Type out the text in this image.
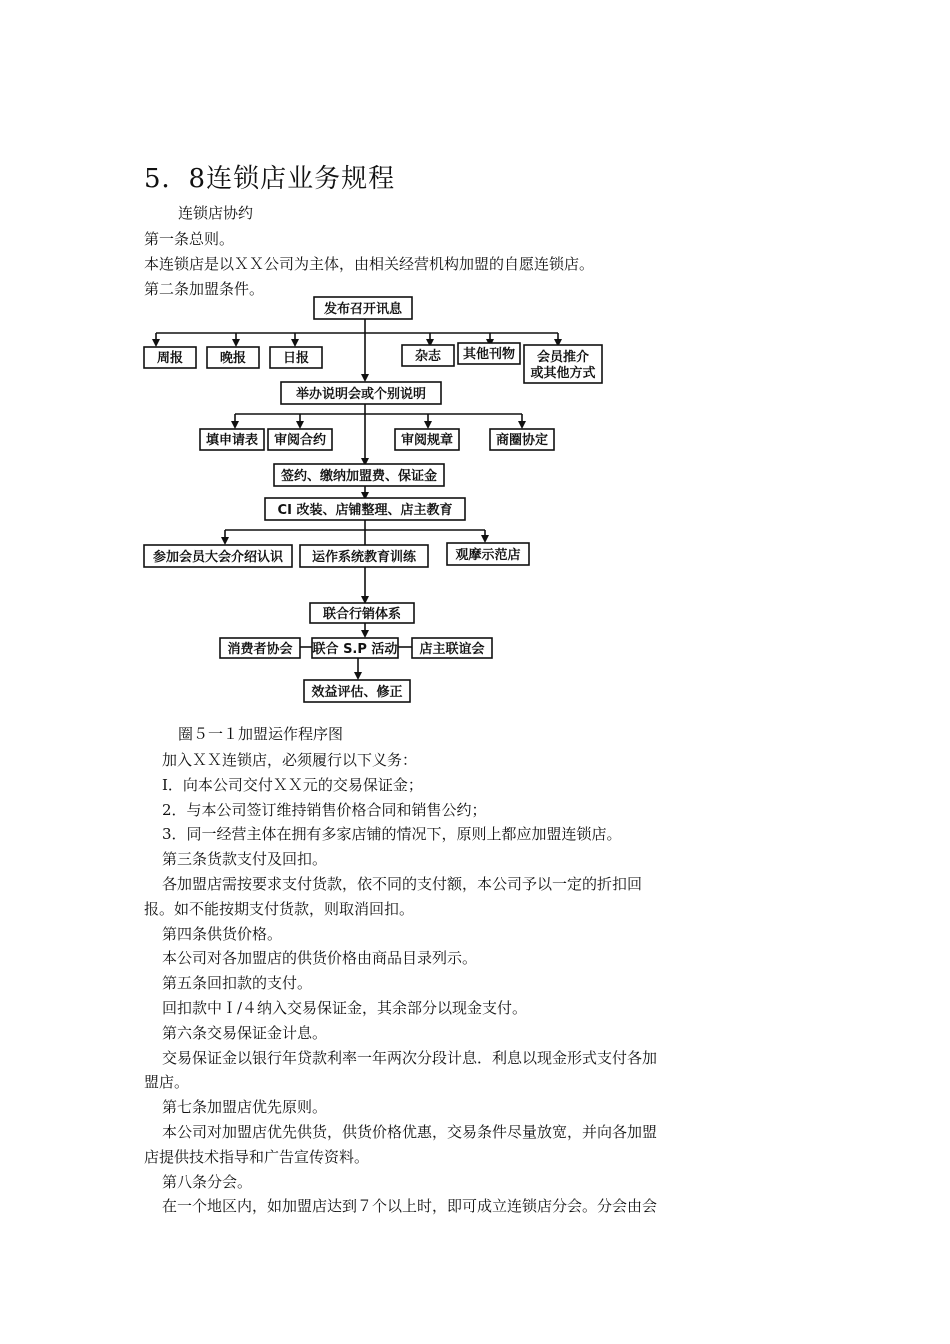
5．8连锁店业务规程
连锁店协约
第一条总则。
本连锁店是以ＸＸ公司为主体，由相关经营机构加盟的自愿连锁店。
第二条加盟条件。
发布召开讯息
周报	晚报	日报	杂志 其他刊物 会员推介
或其他方式
举办说明会或个别说明
填申请表 审阅合约	审阅规章	商圈协定
签约、缴纳加盟费、保证金
CI 改装、店铺整理、店主教育
参加会员大会介绍认识 运作系统教育训练	观摩示范店
联合行销体系
消费者协会 联合 S.P 活动 店主联谊会
效益评估、修正
圈５一１加盟运作程序图
加入ＸＸ连锁店，必须履行以下义务：
I．向本公司交付ＸＸ元的交易保证金；
2．与本公司签订维持销售价格合同和销售公约；
3．同一经营主体在拥有多家店铺的情况下，原则上都应加盟连锁店。
第三条货款支付及回扣。
各加盟店需按要求支付货款，依不同的支付额，本公司予以一定的折扣回
报。如不能按期支付货款，则取消回扣。
第四条供货价格。
本公司对各加盟店的供货价格由商品目录列示。
第五条回扣款的支付。
回扣款中Ｉ/４纳入交易保证金，其余部分以现金支付。
第六条交易保证金计息。
交易保证金以银行年贷款利率一年两次分段计息．利息以现金形式支付各加
盟店。
第七条加盟店优先原则。
本公司对加盟店优先供货，供货价格优惠，交易条件尽量放宽，并向各加盟
店提供技术指导和广告宣传资料。
第八条分会。
在一个地区内，如加盟店达到７个以上时，即可成立连锁店分会。分会由会
